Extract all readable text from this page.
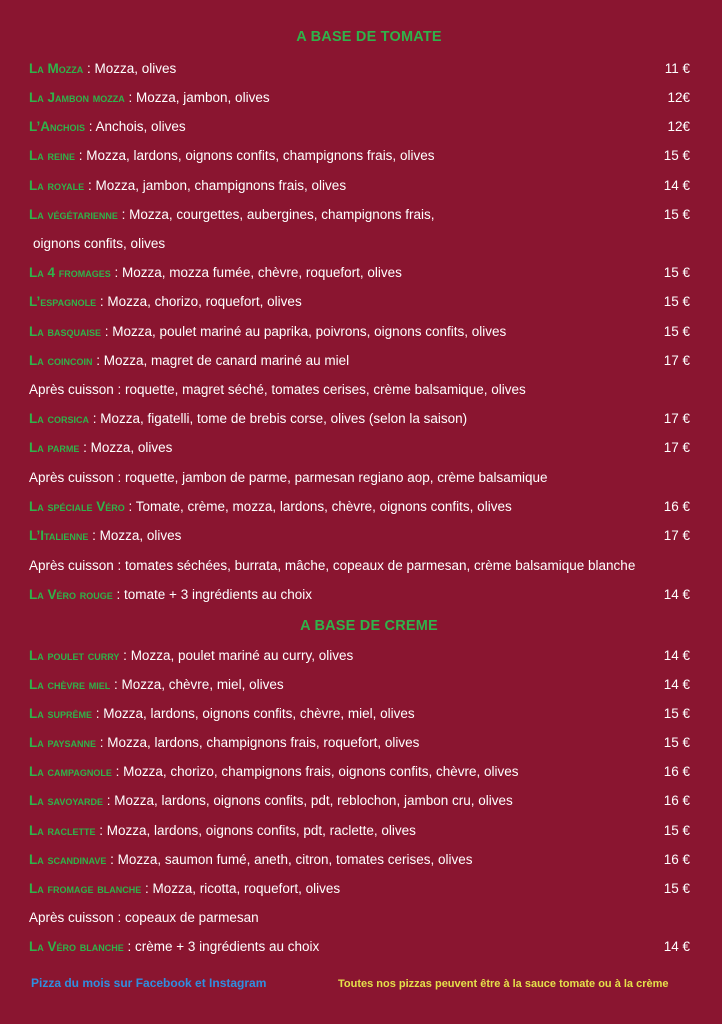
A BASE DE TOMATE
La Mozza : Mozza, olives	11 €
La Jambon mozza : Mozza, jambon, olives	12€
L’Anchois : Anchois, olives	12€
La reine : Mozza, lardons, oignons confits, champignons frais, olives	15 €
La royale : Mozza, jambon, champignons frais, olives	14 €
La végétarienne : Mozza, courgettes, aubergines, champignons frais,	15 €
oignons confits, olives
La 4 fromages : Mozza, mozza fumée, chèvre, roquefort, olives	15 €
L’espagnole : Mozza, chorizo, roquefort, olives	15 €
La basquaise : Mozza, poulet mariné au paprika, poivrons, oignons confits, olives	15 €
La coincoin : Mozza, magret de canard mariné au miel	17 €
Après cuisson : roquette, magret séché, tomates cerises, crème balsamique, olives
La corsica : Mozza, figatelli, tome de brebis corse, olives (selon la saison)	17 €
La parme : Mozza, olives	17 €
Après cuisson : roquette, jambon de parme, parmesan regiano aop, crème balsamique
La spéciale Véro : Tomate, crème, mozza, lardons, chèvre, oignons confits, olives	16 €
L’Italienne : Mozza, olives	17 €
Après cuisson : tomates séchées, burrata, mâche, copeaux de parmesan, crème balsamique blanche
La Véro rouge : tomate + 3 ingrédients au choix	14 €
A BASE DE CREME
La poulet curry : Mozza, poulet mariné au curry, olives	14 €
La chèvre miel : Mozza, chèvre, miel, olives	14 €
La suprême : Mozza, lardons, oignons confits, chèvre, miel, olives	15 €
La paysanne : Mozza, lardons, champignons frais, roquefort, olives	15 €
La campagnole : Mozza, chorizo, champignons frais, oignons confits, chèvre, olives	16 €
La savoyarde : Mozza, lardons, oignons confits, pdt, reblochon, jambon cru, olives	16 €
La raclette : Mozza, lardons, oignons confits, pdt, raclette, olives	15 €
La scandinave : Mozza, saumon fumé, aneth, citron, tomates cerises, olives	16 €
La fromage blanche : Mozza, ricotta, roquefort, olives	15 €
Après cuisson : copeaux de parmesan
La Véro blanche : crème + 3 ingrédients au choix	14 €
Pizza du mois sur Facebook et Instagram	Toutes nos pizzas peuvent être à la sauce tomate ou à la crème
